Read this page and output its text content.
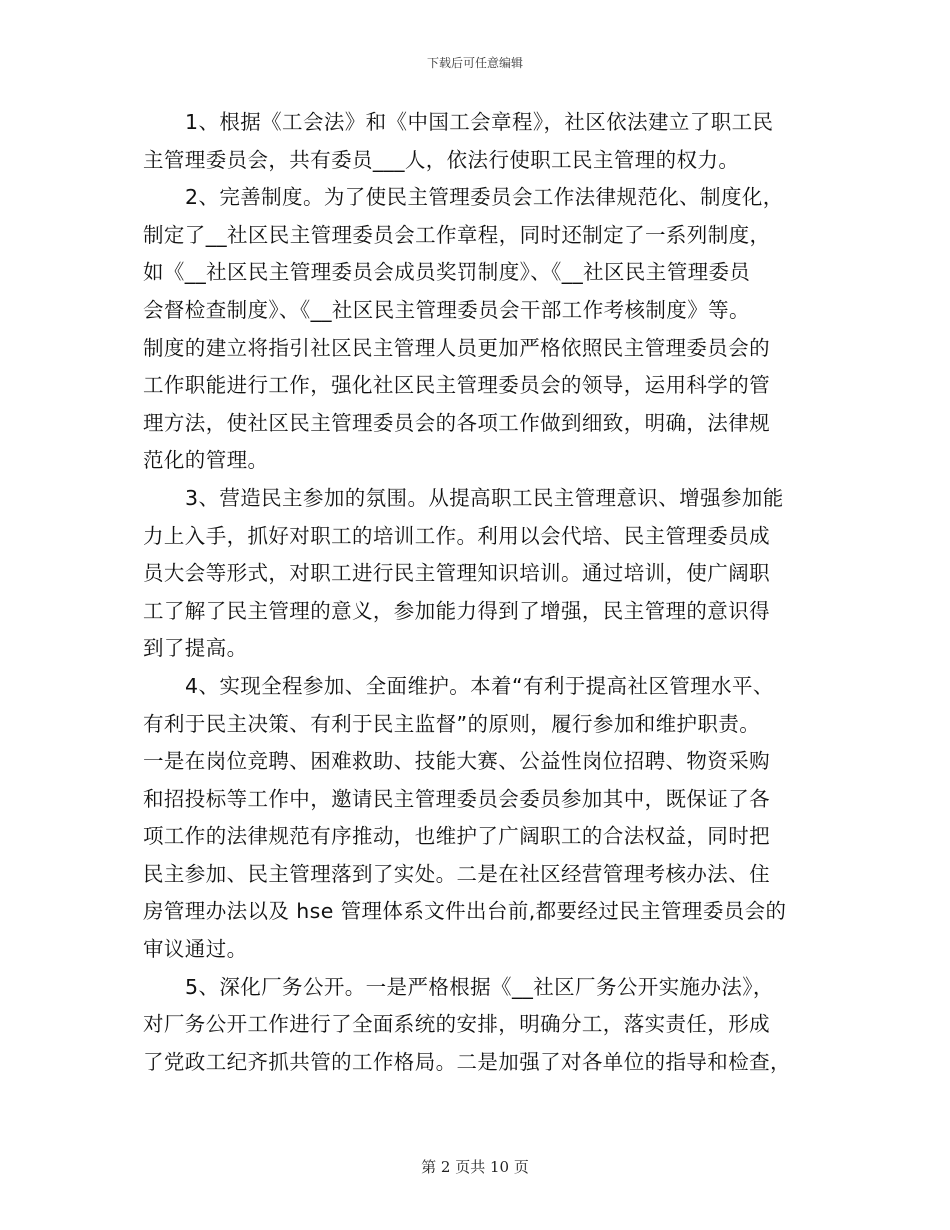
下载后可任意编辑
1、根据《工会法》和《中国工会章程》，社区依法建立了职工民
主管理委员会，共有委员___人，依法行使职工民主管理的权力。
2、完善制度。为了使民主管理委员会工作法律规范化、制度化，
制定了__社区民主管理委员会工作章程，同时还制定了一系列制度，
如《__社区民主管理委员会成员奖罚制度》、《__社区民主管理委员
会督检查制度》、《__社区民主管理委员会干部工作考核制度》等。
制度的建立将指引社区民主管理人员更加严格依照民主管理委员会的
工作职能进行工作，强化社区民主管理委员会的领导，运用科学的管
理方法，使社区民主管理委员会的各项工作做到细致，明确，法律规
范化的管理。
3、营造民主参加的氛围。从提高职工民主管理意识、增强参加能
力上入手，抓好对职工的培训工作。利用以会代培、民主管理委员成
员大会等形式，对职工进行民主管理知识培训。通过培训，使广阔职
工了解了民主管理的意义，参加能力得到了增强，民主管理的意识得
到了提高。
4、实现全程参加、全面维护。本着“有利于提高社区管理水平、
有利于民主决策、有利于民主监督”的原则，履行参加和维护职责。
一是在岗位竞聘、困难救助、技能大赛、公益性岗位招聘、物资采购
和招投标等工作中，邀请民主管理委员会委员参加其中，既保证了各
项工作的法律规范有序推动，也维护了广阔职工的合法权益，同时把
民主参加、民主管理落到了实处。二是在社区经营管理考核办法、住
房管理办法以及 hse 管理体系文件出台前,都要经过民主管理委员会的
审议通过。
5、深化厂务公开。一是严格根据《__社区厂务公开实施办法》，
对厂务公开工作进行了全面系统的安排，明确分工，落实责任，形成
了党政工纪齐抓共管的工作格局。二是加强了对各单位的指导和检查，
第 2 页共 10 页
